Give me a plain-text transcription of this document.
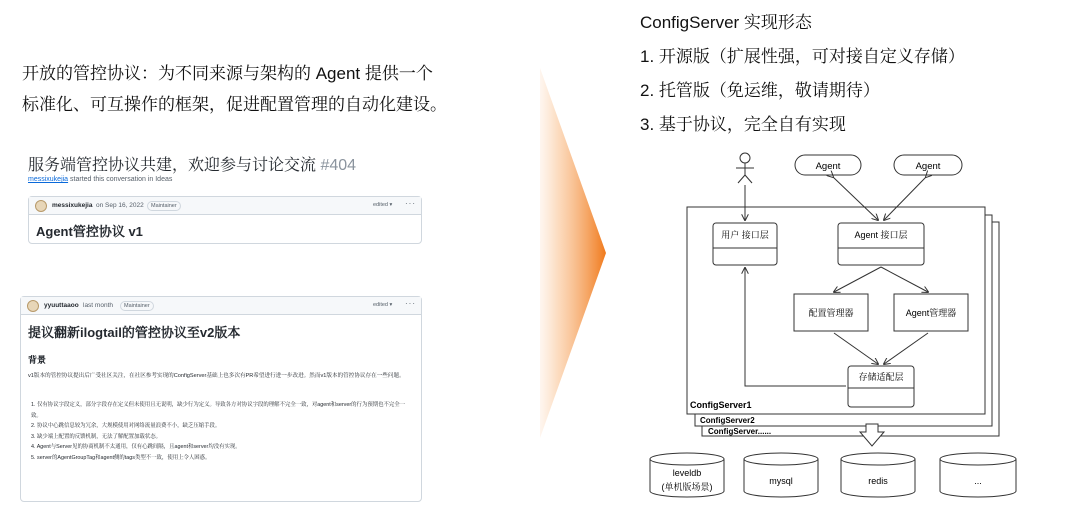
开放的管控协议：为不同来源与架构的 Agent 提供一个
标准化、可互操作的框架，促进配置管理的自动化建设。
服务端管控协议共建，欢迎参与讨论交流 #404
messixukejia started this conversation in Ideas
messixukejia on Sep 16, 2022	Maintainer	edited ▾ ···
Agent管控协议 v1
yyuuttaaoo last month	Maintainer	edited ▾ ···
提议翻新ilogtail的管控协议至v2版本
背景
v1版本的管控协议提出后广受社区关注，在社区参考实现的ConfigServer基础上也多次有PR希望进行进一步改进。然而v1版本的管控协议存在一些问题。
1. 仅有协议字段定义，部分字段存在定义但未使用且无说明，缺少行为定义。导致各方对协议字段的理解不完全一致，对agent和server的行为预期也不完全一致。
2. 协议中心跳信息较为冗余，大规模使用对网络流量浪费不小，缺乏压缩手段。
3. 缺少端上配置的反馈机制，无法了解配置加载状态。
4. Agent与Server见的协商机制不太通用，仅有心跳间隔，且agent和server均没有实现。
5. server的AgentGroupTag和agent侧的tags类型不一致，使用上令人困惑。
ConfigServer 实现形态
1. 开源版（扩展性强，可对接自定义存储）
2. 托管版（免运维，敬请期待）
3. 基于协议，完全自有实现
Agent	Agent
用户 接口层	Agent 接口层
配置管理器	Agent管理器
存储适配层
ConfigServer1
ConfigServer2
ConfigServer......
leveldb
(单机版场景)
mysql	redis	...
